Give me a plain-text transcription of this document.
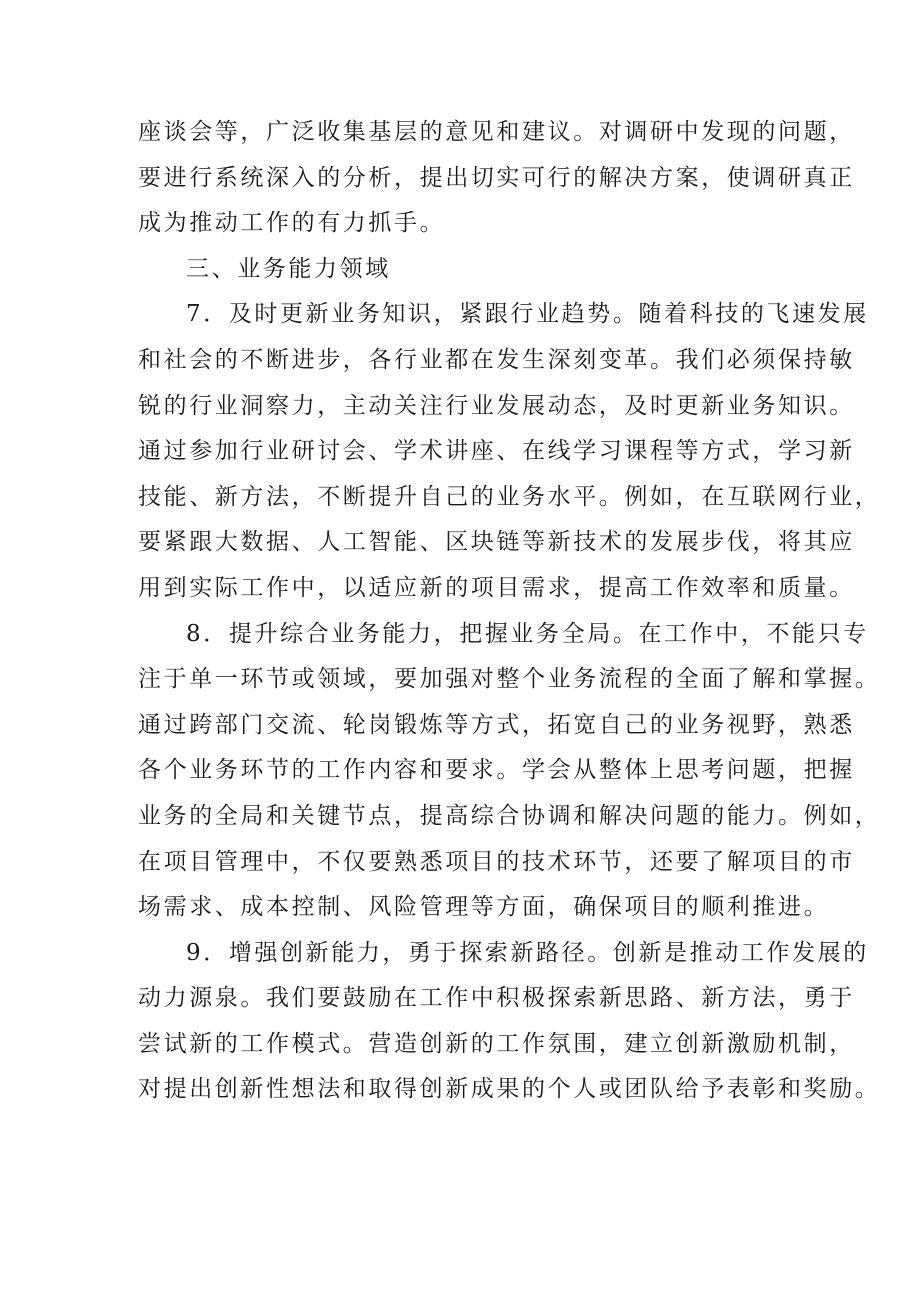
座谈会等，广泛收集基层的意见和建议。对调研中发现的问题，
要进行系统深入的分析，提出切实可行的解决方案，使调研真正
成为推动工作的有力抓手。
三、业务能力领域
7．及时更新业务知识，紧跟行业趋势。随着科技的飞速发展
和社会的不断进步，各行业都在发生深刻变革。我们必须保持敏
锐的行业洞察力，主动关注行业发展动态，及时更新业务知识。
通过参加行业研讨会、学术讲座、在线学习课程等方式，学习新
技能、新方法，不断提升自己的业务水平。例如，在互联网行业，
要紧跟大数据、人工智能、区块链等新技术的发展步伐，将其应
用到实际工作中，以适应新的项目需求，提高工作效率和质量。
8．提升综合业务能力，把握业务全局。在工作中，不能只专
注于单一环节或领域，要加强对整个业务流程的全面了解和掌握。
通过跨部门交流、轮岗锻炼等方式，拓宽自己的业务视野，熟悉
各个业务环节的工作内容和要求。学会从整体上思考问题，把握
业务的全局和关键节点，提高综合协调和解决问题的能力。例如，
在项目管理中，不仅要熟悉项目的技术环节，还要了解项目的市
场需求、成本控制、风险管理等方面，确保项目的顺利推进。
9．增强创新能力，勇于探索新路径。创新是推动工作发展的
动力源泉。我们要鼓励在工作中积极探索新思路、新方法，勇于
尝试新的工作模式。营造创新的工作氛围，建立创新激励机制，
对提出创新性想法和取得创新成果的个人或团队给予表彰和奖励。
